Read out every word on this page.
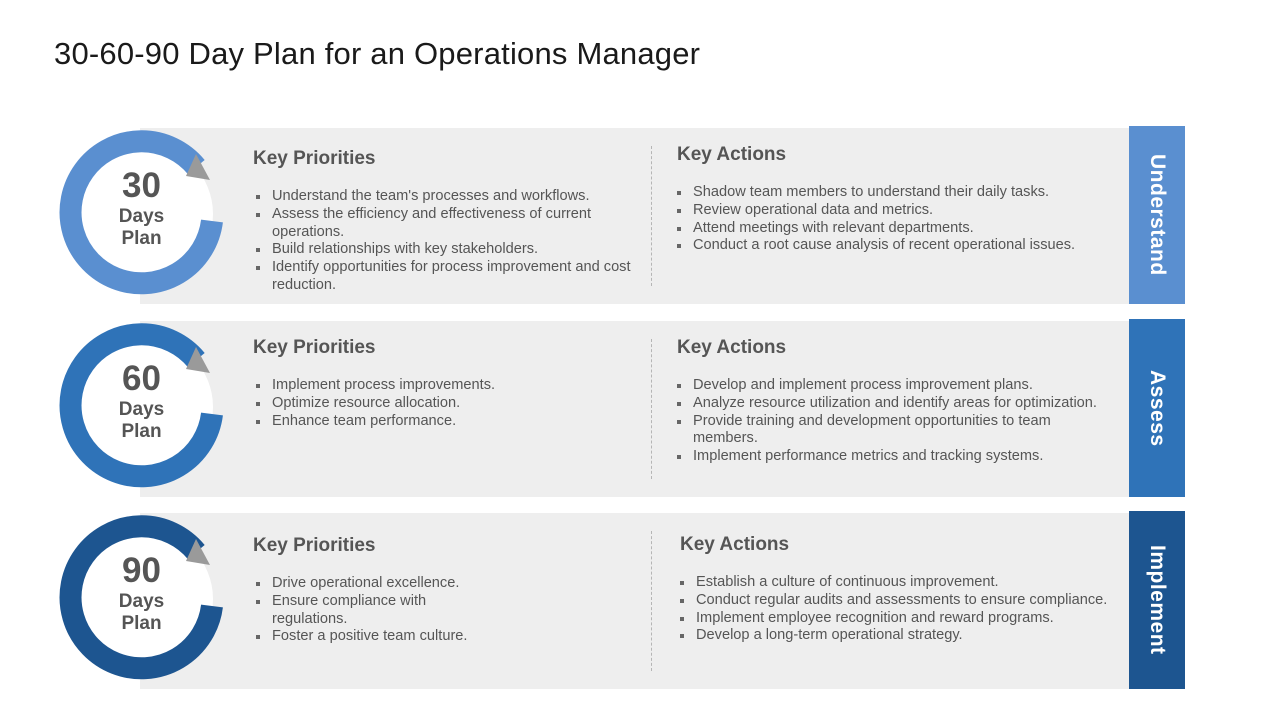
30-60-90 Day Plan for an Operations Manager
30
Days
Plan
Key Priorities
Understand the team's processes and workflows.
Assess the efficiency and effectiveness of current operations.
Build relationships with key stakeholders.
Identify opportunities for process improvement and cost reduction.
Key Actions
Shadow team members to understand their daily tasks.
Review operational data and metrics.
Attend meetings with relevant departments.
Conduct a root cause analysis of recent operational issues.	Understand
60
Days
Plan
Key Priorities
Implement process improvements.
Optimize resource allocation.
Enhance team performance.
Key Actions
Develop and implement process improvement plans.
Analyze resource utilization and identify areas for optimization.
Provide training and development opportunities to team members.
Implement performance metrics and tracking systems.
Assess
90
Days
Plan
Key Priorities
Drive operational excellence.
Ensure compliance with regulations.
Foster a positive team culture.
Key Actions
Establish a culture of continuous improvement.
Conduct regular audits and assessments to ensure compliance.
Implement employee recognition and reward programs.
Develop a long-term operational strategy.	Implement
